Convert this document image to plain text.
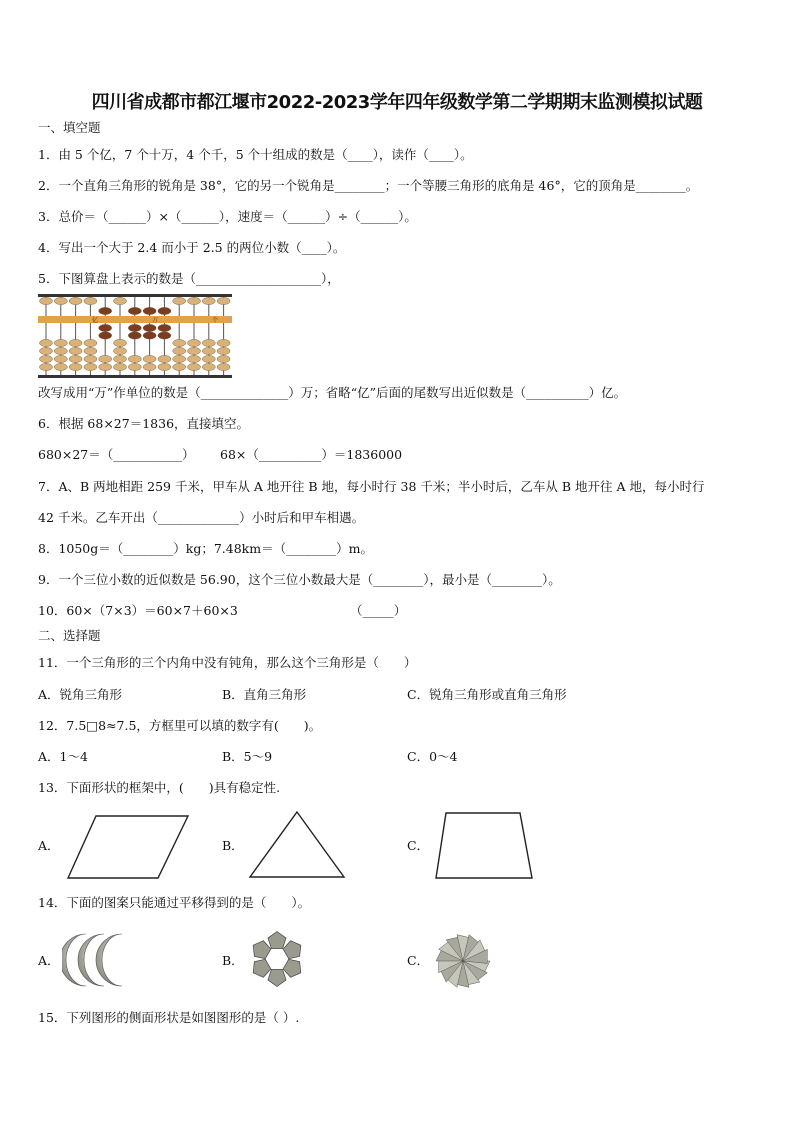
四川省成都市都江堰市2022-2023学年四年级数学第二学期期末监测模拟试题
一、填空题
1．由 5 个亿，7 个十万，4 个千，5 个十组成的数是（____），读作（____）。
2．一个直角三角形的锐角是 38°，它的另一个锐角是________；一个等腰三角形的底角是 46°，它的顶角是________。
3．总价＝（______）×（______），速度＝（______）÷（______）。
4．写出一个大于 2.4 而小于 2.5 的两位小数（____）。
5．下图算盘上表示的数是（____________________），
亿	万	个
改写成用“万”作单位的数是（______________）万；省略“亿”后面的尾数写出近似数是（__________）亿。
6．根据 68×27＝1836，直接填空。
680×27＝（___________） 68×（__________）＝1836000
7．A、B 两地相距 259 千米，甲车从 A 地开往 B 地，每小时行 38 千米；半小时后，乙车从 B 地开往 A 地，每小时行
42 千米。乙车开出（_____________）小时后和甲车相遇。
8．1050g＝（________）kg；7.48km＝（________）m。
9．一个三位小数的近似数是 56.90，这个三位小数最大是（________），最小是（________）。
10．60×（7×3）＝60×7＋60×3	（_____）
二、选择题
11．一个三角形的三个内角中没有钝角，那么这个三角形是（　　）
A．锐角三角形	B．直角三角形	C．锐角三角形或直角三角形
12．7.5□8≈7.5，方框里可以填的数字有(　　)。
A．1～4	B．5～9	C．0～4
13．下面形状的框架中，(　　)具有稳定性.
A．	B．	C．
14．下面的图案只能通过平移得到的是（　　）。
A．	B．	C．
15．下列图形的侧面形状是如图图形的是（ ）.
